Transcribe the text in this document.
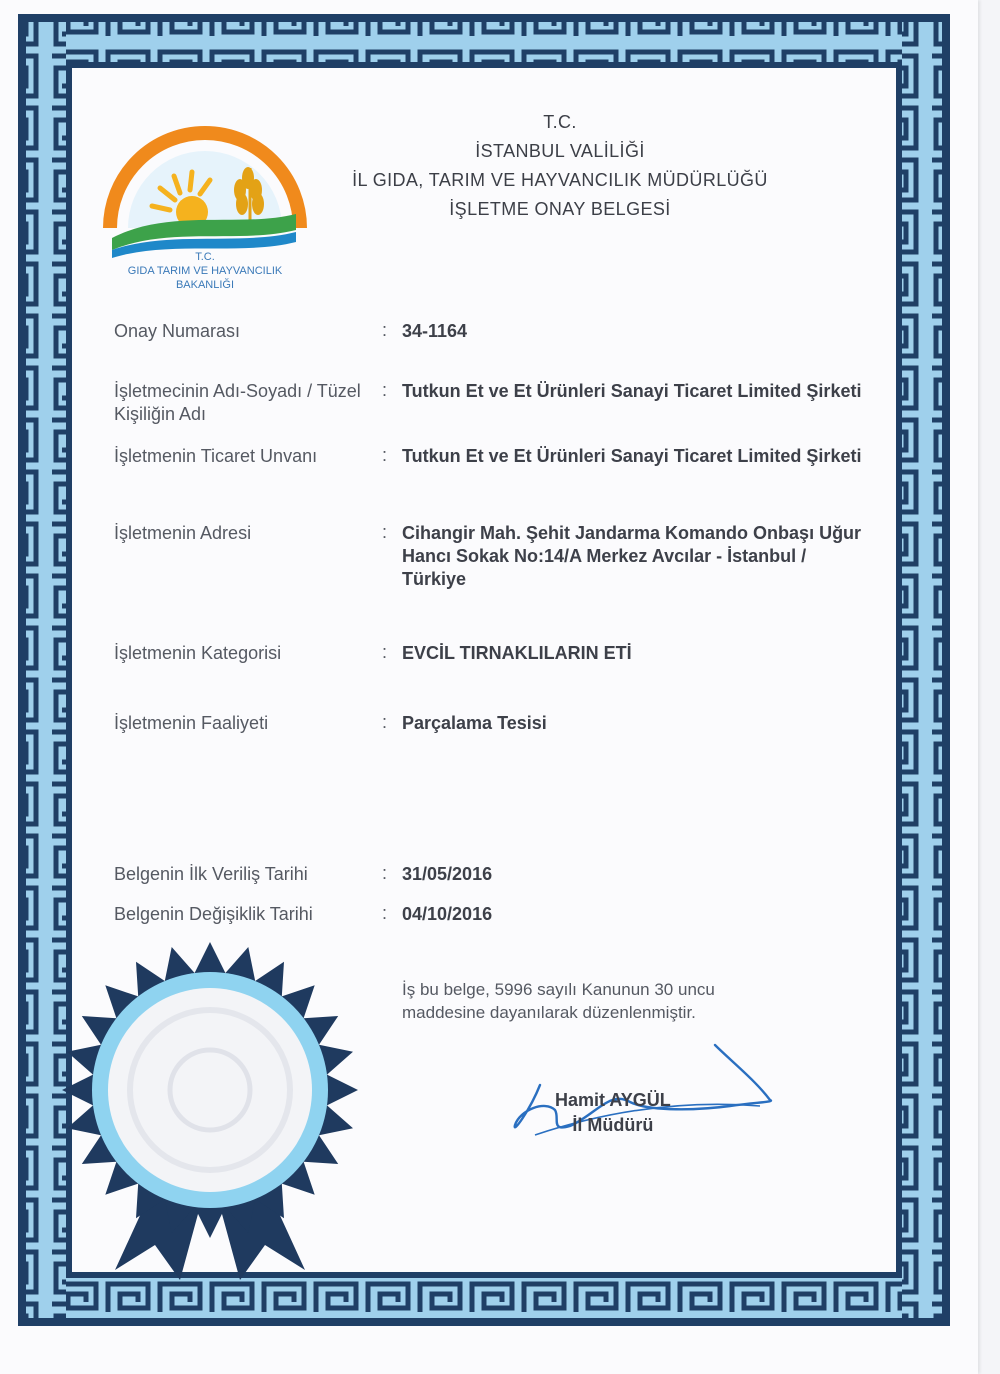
T.C.
GIDA TARIM VE HAYVANCILIK
BAKANLIĞI
T.C.
İSTANBUL VALİLİĞİ
İL GIDA, TARIM VE HAYVANCILIK MÜDÜRLÜĞÜ
İŞLETME ONAY BELGESİ
Onay Numarası	: 34-1164
İşletmecinin Adı-Soyadı / Tüzel Kişiliğin Adı
: Tutkun Et ve Et Ürünleri Sanayi Ticaret Limited Şirketi
İşletmenin Ticaret Unvanı	: Tutkun Et ve Et Ürünleri Sanayi Ticaret Limited Şirketi
İşletmenin Adresi	: Cihangir Mah. Şehit Jandarma Komando Onbaşı Uğur Hancı Sokak No:14/A Merkez Avcılar - İstanbul / Türkiye
İşletmenin Kategorisi	: EVCİL TIRNAKLILARIN ETİ
İşletmenin Faaliyeti	: Parçalama Tesisi
Belgenin İlk Veriliş Tarihi	: 31/05/2016
Belgenin Değişiklik Tarihi	: 04/10/2016
İş bu belge, 5996 sayılı Kanunun 30 uncu maddesine dayanılarak düzenlenmiştir.
Hamit AYGÜL
İl Müdürü
